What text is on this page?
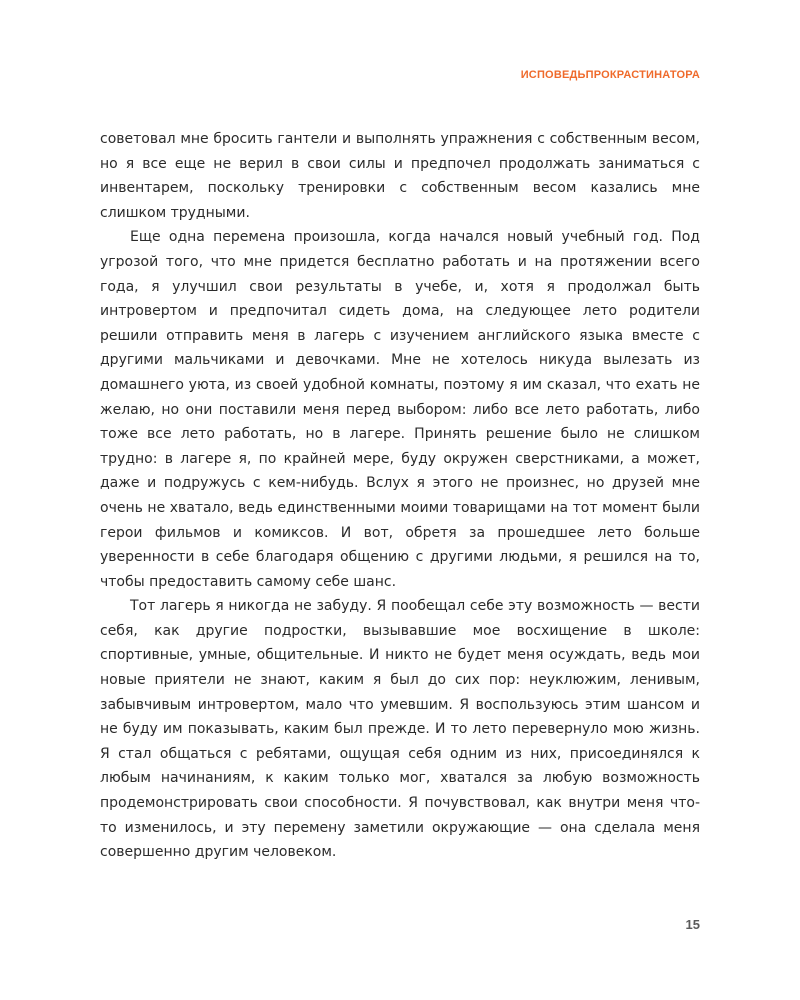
ИСПОВЕДЬПРОКРАСТИНАТОРА

советовал мне бросить гантели и выполнять упражнения с собственным весом, но я все еще не верил в свои силы и предпочел продолжать заниматься с инвентарем, поскольку тренировки с собственным весом казались мне слишком трудными.

Еще одна перемена произошла, когда начался новый учебный год. Под угрозой того, что мне придется бесплатно работать и на протяжении всего года, я улучшил свои результаты в учебе, и, хотя я продолжал быть интровертом и предпочитал сидеть дома, на следующее лето родители решили отправить меня в лагерь с изучением английского языка вместе с другими мальчиками и девочками. Мне не хотелось никуда вылезать из домашнего уюта, из своей удобной комнаты, поэтому я им сказал, что ехать не желаю, но они поставили меня перед выбором: либо все лето работать, либо тоже все лето работать, но в лагере. Принять решение было не слишком трудно: в лагере я, по крайней мере, буду окружен сверстниками, а может, даже и подружусь с кем-нибудь. Вслух я этого не произнес, но друзей мне очень не хватало, ведь единственными моими товарищами на тот момент были герои фильмов и комиксов. И вот, обретя за прошедшее лето больше уверенности в себе благодаря общению с другими людьми, я решился на то, чтобы предоставить самому себе шанс.

Тот лагерь я никогда не забуду. Я пообещал себе эту возможность — вести себя, как другие подростки, вызывавшие мое восхищение в школе: спортивные, умные, общительные. И никто не будет меня осуждать, ведь мои новые приятели не знают, каким я был до сих пор: неуклюжим, ленивым, забывчивым интровертом, мало что умевшим. Я воспользуюсь этим шансом и не буду им показывать, каким был прежде. И то лето перевернуло мою жизнь. Я стал общаться с ребятами, ощущая себя одним из них, присоединялся к любым начинаниям, к каким только мог, хватался за любую возможность продемонстрировать свои способности. Я почувствовал, как внутри меня что-то изменилось, и эту перемену заметили окружающие — она сделала меня совершенно другим человеком.

15
